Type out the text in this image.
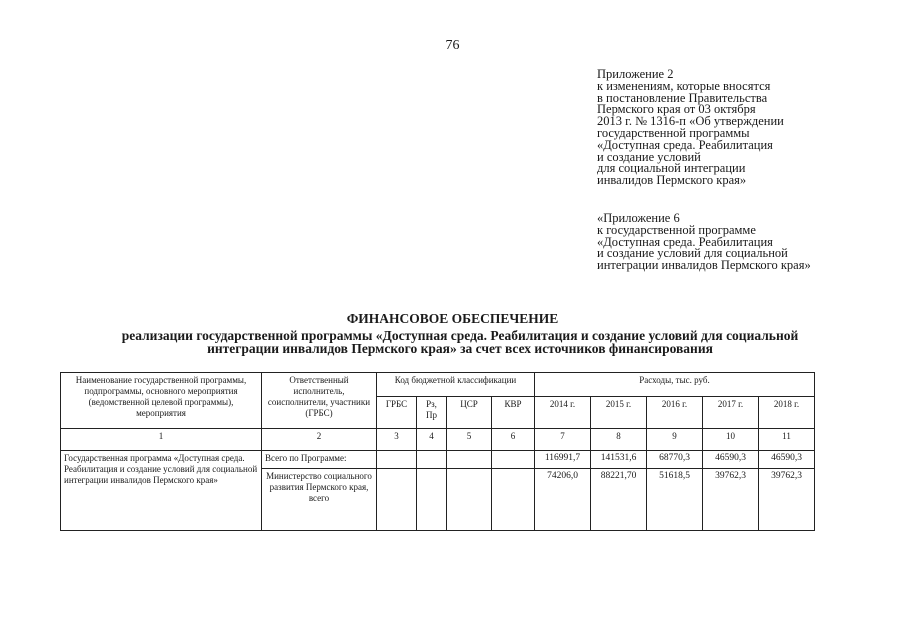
76
Приложение 2
к изменениям, которые вносятся
в постановление Правительства
Пермского края от 03 октября
2013 г. № 1316-п «Об утверждении
государственной программы
«Доступная среда. Реабилитация
и создание условий
для социальной интеграции
инвалидов Пермского края»
«Приложение 6
к государственной программе
«Доступная среда. Реабилитация
и создание условий для социальной
интеграции инвалидов Пермского края»
ФИНАНСОВОЕ ОБЕСПЕЧЕНИЕ
реализации государственной программы «Доступная среда. Реабилитация и создание условий для социальной
интеграции инвалидов Пермского края» за счет всех источников финансирования
Наименование государственной программы, подпрограммы, основного мероприятия (ведомственной целевой программы), мероприятия	Ответственный исполнитель, соисполнители, участники (ГРБС)	Код бюджетной классификации				Расходы, тыс. руб.				
		ГРБС	Рз, Пр	ЦСР	КВР	2014 г.	2015 г.	2016 г.	2017 г.	2018 г.
1	2	3	4	5	6	7	8	9	10	11
Государственная программа «Доступная среда. Реабилитация и создание условий для социальной интеграции инвалидов Пермского края»	Всего по Программе:					116991,7	141531,6	68770,3	46590,3	46590,3
	Министерство социального развития Пермского края, всего					74206,0	88221,70	51618,5	39762,3	39762,3
